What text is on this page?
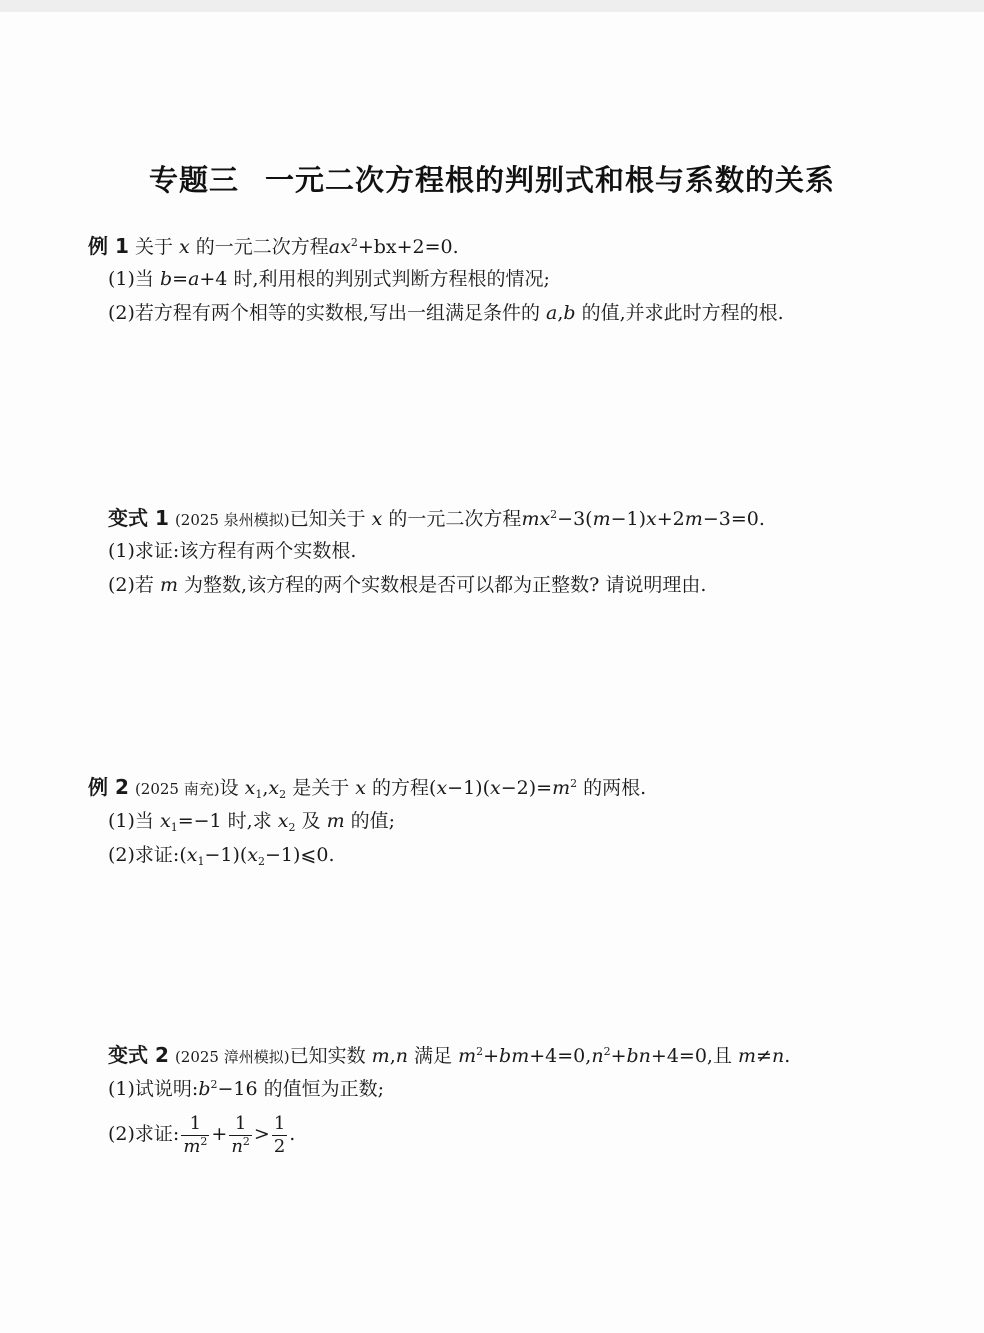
专题三 一元二次方程根的判别式和根与系数的关系
例 1 关于 x 的一元二次方程$ax^2+bx+2=0$.
(1)当 b=a+4 时,利用根的判别式判断方程根的情况;
(2)若方程有两个相等的实数根,写出一组满足条件的 a,b 的值,并求此时方程的根.
变式 1 (2025 泉州模拟)已知关于 x 的一元二次方程$mx^2-3(m-1)x+2m-3=0$.
(1)求证:该方程有两个实数根.
(2)若 m 为整数,该方程的两个实数根是否可以都为正整数? 请说明理由.
例 2 (2025 南充)设 $x_1,x_2$ 是关于 x 的方程$(x-1)(x-2)=m^2$ 的两根.
(1)当 $x_1=-1$ 时,求 $x_2$ 及 m 的值;
(2)求证$:(x_1-1)(x_2-1)⩽0$.
变式 2 (2025 漳州模拟)已知实数 m,n 满足 $m^2+bm+4=0,n^2+bn+4=0$,且 m≠n.
(1)试说明$:b^2-16$ 的值恒为正数;
(2)求证: $\frac{1}{m^2} + \frac{1}{n^2} > \frac{1}{2}$ .
